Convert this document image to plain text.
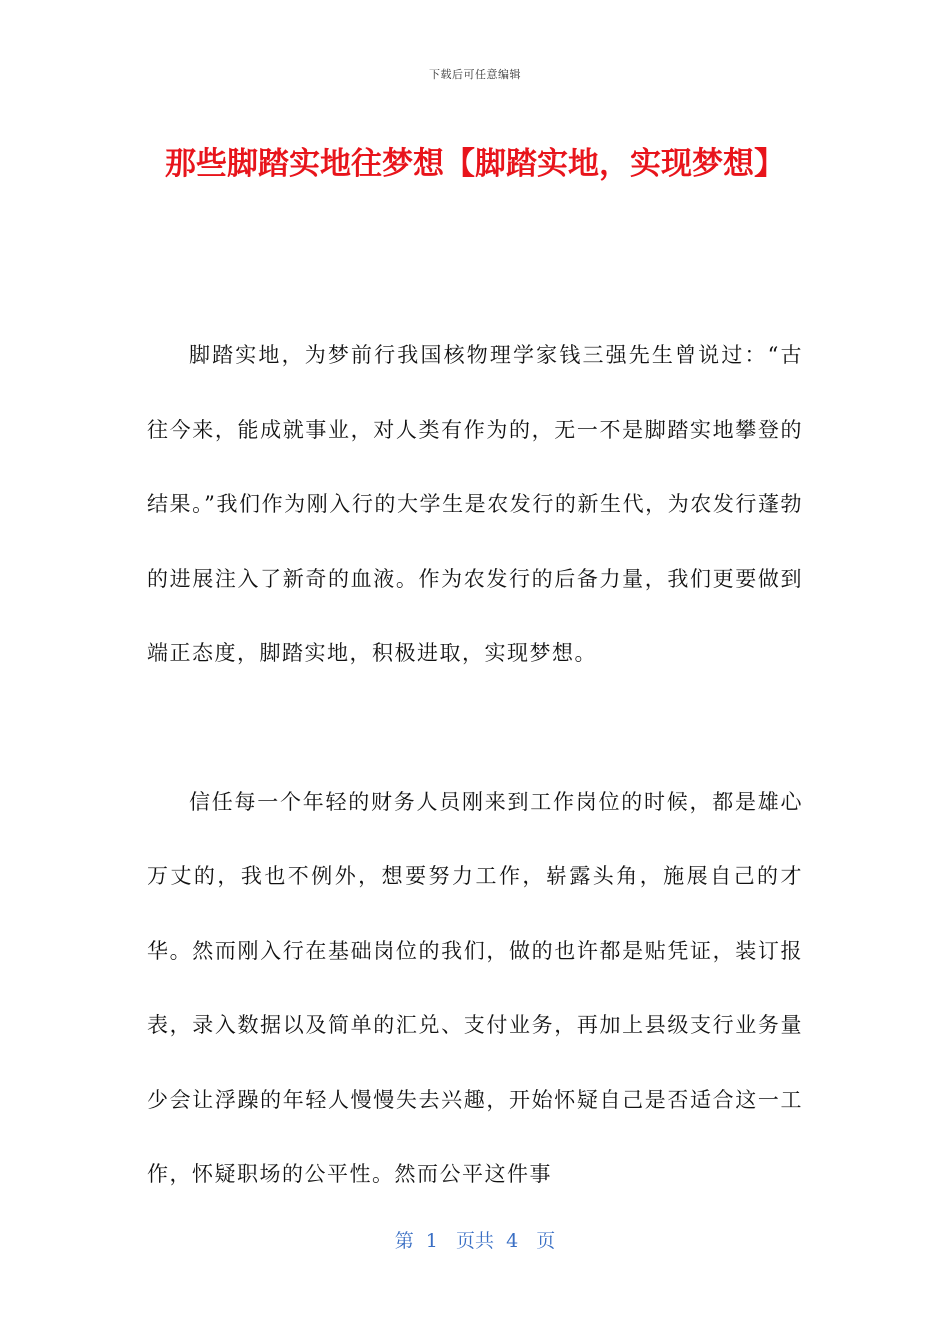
下载后可任意编辑
那些脚踏实地往梦想【脚踏实地，实现梦想】

脚踏实地，为梦前行我国核物理学家钱三强先生曾说过：“古往今来，能成就事业，对人类有作为的，无一不是脚踏实地攀登的结果。”我们作为刚入行的大学生是农发行的新生代，为农发行蓬勃的进展注入了新奇的血液。作为农发行的后备力量，我们更要做到端正态度，脚踏实地，积极进取，实现梦想。

信任每一个年轻的财务人员刚来到工作岗位的时候，都是雄心万丈的，我也不例外，想要努力工作，崭露头角，施展自己的才华。然而刚入行在基础岗位的我们，做的也许都是贴凭证，装订报表，录入数据以及简单的汇兑、支付业务，再加上县级支行业务量少会让浮躁的年轻人慢慢失去兴趣，开始怀疑自己是否适合这一工作，怀疑职场的公平性。然而公平这件事

第  1   页共  4   页
